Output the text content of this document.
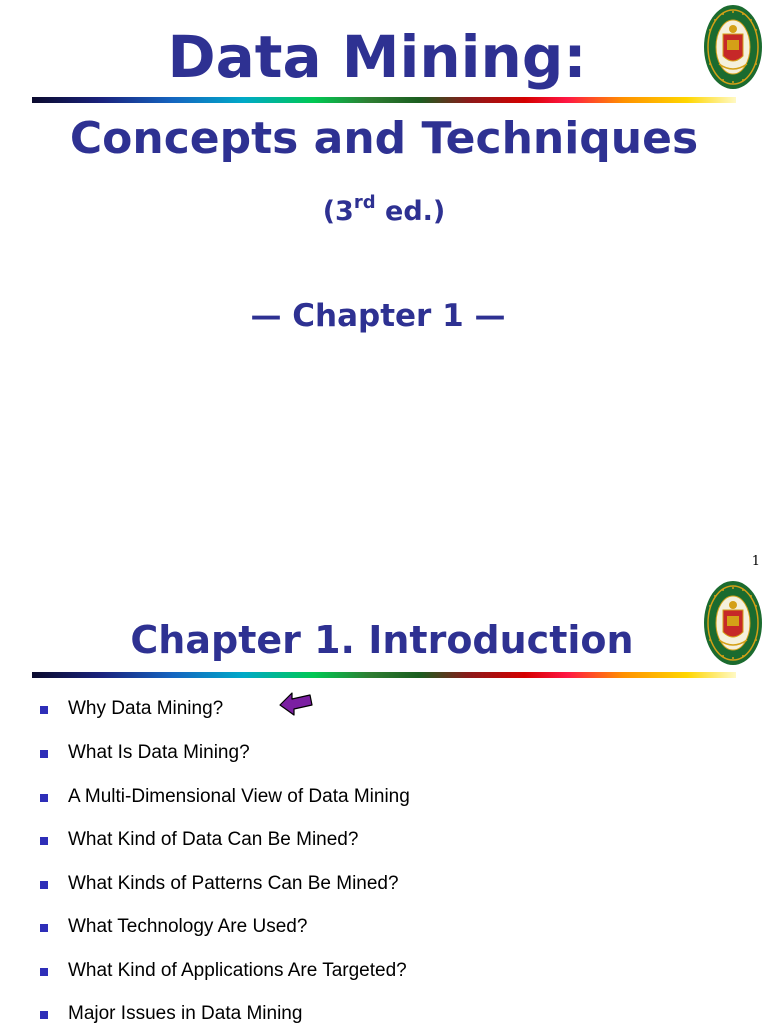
Data Mining:
Concepts and Techniques
(3rd ed.)
— Chapter 1 —
1
Chapter 1. Introduction
Why Data Mining?
What Is Data Mining?
A Multi-Dimensional View of Data Mining
What Kind of Data Can Be Mined?
What Kinds of Patterns Can Be Mined?
What Technology Are Used?
What Kind of Applications Are Targeted?
Major Issues in Data Mining
